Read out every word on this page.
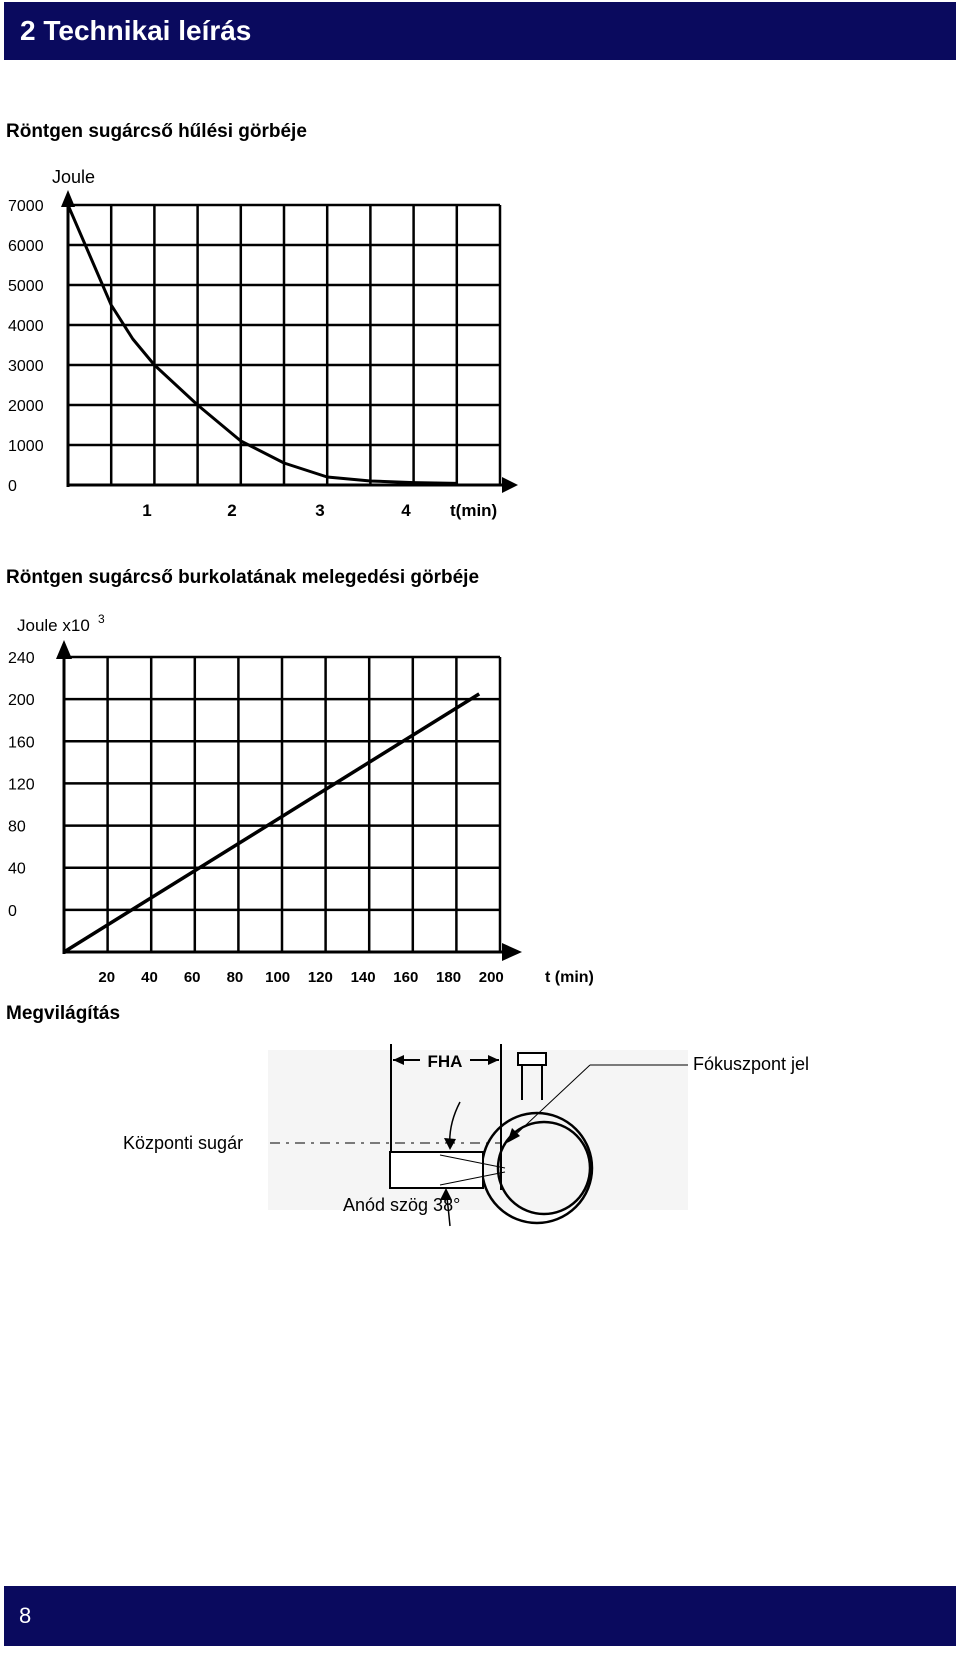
2 Technikai leírás
Röntgen sugárcső hűlési görbéje
7000
6000
5000
4000
3000
2000
1000
0
1	2	3	4
Joule
t(min)
Röntgen sugárcső burkolatának melegedési görbéje
240
200
160
120
80
40
0
20 40 60 80 100 120 140 160 180 200
Joule x10 3
t (min)
Megvilágítás
FHA	Fókuszpont jel
Központi sugár
Anód szög 38°
8
